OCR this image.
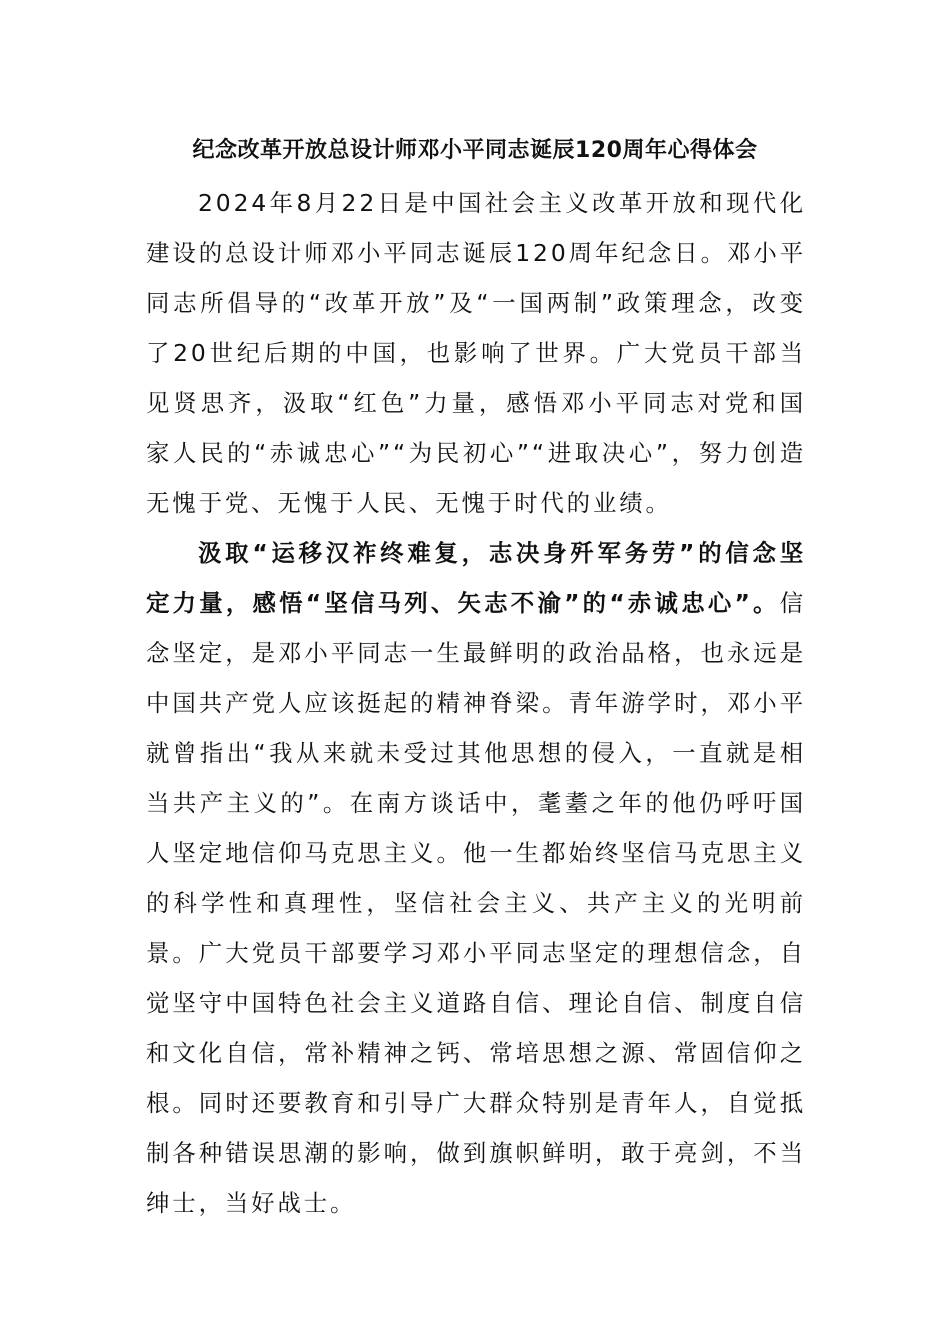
纪念改革开放总设计师邓小平同志诞辰120周年心得体会

2024年8月22日是中国社会主义改革开放和现代化建设的总设计师邓小平同志诞辰120周年纪念日。邓小平同志所倡导的“改革开放”及“一国两制”政策理念，改变了20世纪后期的中国，也影响了世界。广大党员干部当见贤思齐，汲取“红色”力量，感悟邓小平同志对党和国家人民的“赤诚忠心”“为民初心”“进取决心”，努力创造无愧于党、无愧于人民、无愧于时代的业绩。

汲取“运移汉祚终难复，志决身歼军务劳”的信念坚定力量，感悟“坚信马列、矢志不渝”的“赤诚忠心”。信念坚定，是邓小平同志一生最鲜明的政治品格，也永远是中国共产党人应该挺起的精神脊梁。青年游学时，邓小平就曾指出“我从来就未受过其他思想的侵入，一直就是相当共产主义的”。在南方谈话中，耄耋之年的他仍呼吁国人坚定地信仰马克思主义。他一生都始终坚信马克思主义的科学性和真理性，坚信社会主义、共产主义的光明前景。广大党员干部要学习邓小平同志坚定的理想信念，自觉坚守中国特色社会主义道路自信、理论自信、制度自信和文化自信，常补精神之钙、常培思想之源、常固信仰之根。同时还要教育和引导广大群众特别是青年人，自觉抵制各种错误思潮的影响，做到旗帜鲜明，敢于亮剑，不当绅士，当好战士。
